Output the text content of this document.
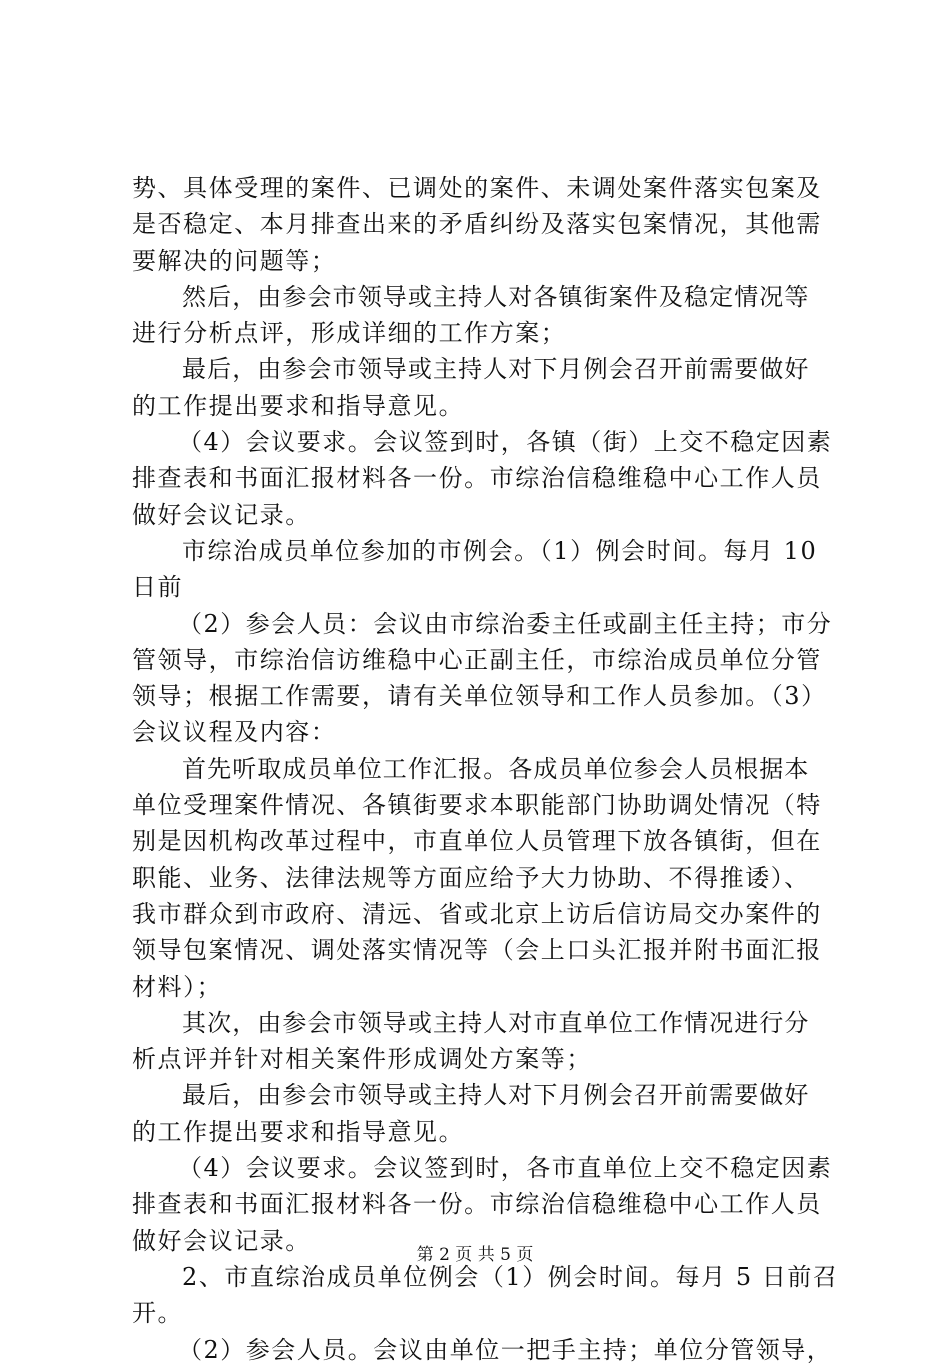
势、具体受理的案件、已调处的案件、未调处案件落实包案及
是否稳定、本月排查出来的矛盾纠纷及落实包案情况，其他需
要解决的问题等；
然后，由参会市领导或主持人对各镇街案件及稳定情况等
进行分析点评，形成详细的工作方案；
最后，由参会市领导或主持人对下月例会召开前需要做好
的工作提出要求和指导意见。
（4）会议要求。会议签到时，各镇（街）上交不稳定因素
排查表和书面汇报材料各一份。市综治信稳维稳中心工作人员
做好会议记录。
市综治成员单位参加的市例会。（1）例会时间。每月 10
日前
（2）参会人员：会议由市综治委主任或副主任主持；市分
管领导，市综治信访维稳中心正副主任，市综治成员单位分管
领导；根据工作需要，请有关单位领导和工作人员参加。（3）
会议议程及内容：
首先听取成员单位工作汇报。各成员单位参会人员根据本
单位受理案件情况、各镇街要求本职能部门协助调处情况（特
别是因机构改革过程中，市直单位人员管理下放各镇街，但在
职能、业务、法律法规等方面应给予大力协助、不得推诿）、
我市群众到市政府、清远、省或北京上访后信访局交办案件的
领导包案情况、调处落实情况等（会上口头汇报并附书面汇报
材料）；
其次，由参会市领导或主持人对市直单位工作情况进行分
析点评并针对相关案件形成调处方案等；
最后，由参会市领导或主持人对下月例会召开前需要做好
的工作提出要求和指导意见。
（4）会议要求。会议签到时，各市直单位上交不稳定因素
排查表和书面汇报材料各一份。市综治信稳维稳中心工作人员
做好会议记录。
2、市直综治成员单位例会（1）例会时间。每月 5 日前召
开。
（2）参会人员。会议由单位一把手主持；单位分管领导，
第 2 页 共 5 页
